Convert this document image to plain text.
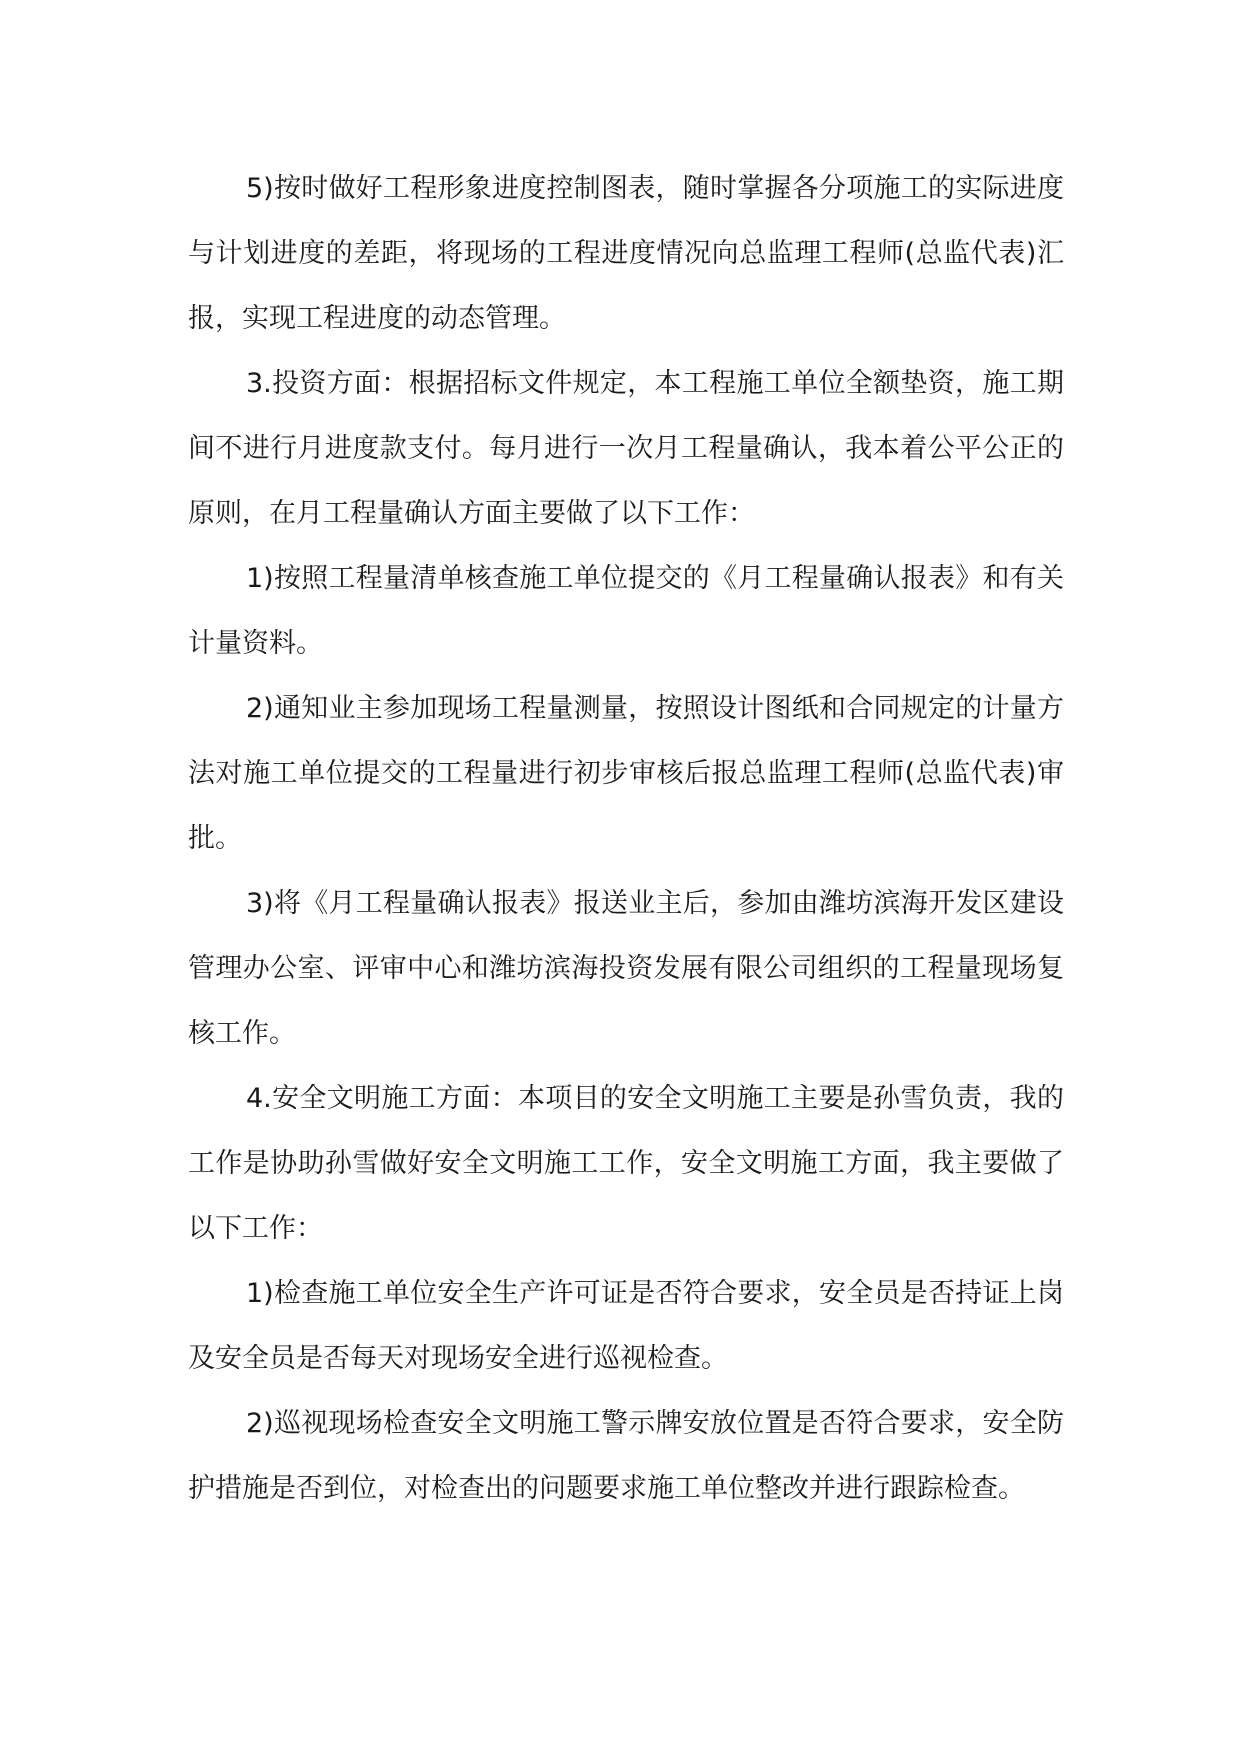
5)按时做好工程形象进度控制图表，随时掌握各分项施工的实际进度与计划进度的差距，将现场的工程进度情况向总监理工程师(总监代表)汇报，实现工程进度的动态管理。

3.投资方面：根据招标文件规定，本工程施工单位全额垫资，施工期间不进行月进度款支付。每月进行一次月工程量确认，我本着公平公正的原则，在月工程量确认方面主要做了以下工作：

1)按照工程量清单核查施工单位提交的《月工程量确认报表》和有关计量资料。

2)通知业主参加现场工程量测量，按照设计图纸和合同规定的计量方法对施工单位提交的工程量进行初步审核后报总监理工程师(总监代表)审批。

3)将《月工程量确认报表》报送业主后，参加由潍坊滨海开发区建设管理办公室、评审中心和潍坊滨海投资发展有限公司组织的工程量现场复核工作。

4.安全文明施工方面：本项目的安全文明施工主要是孙雪负责，我的工作是协助孙雪做好安全文明施工工作，安全文明施工方面，我主要做了以下工作：

1)检查施工单位安全生产许可证是否符合要求，安全员是否持证上岗及安全员是否每天对现场安全进行巡视检查。

2)巡视现场检查安全文明施工警示牌安放位置是否符合要求，安全防护措施是否到位，对检查出的问题要求施工单位整改并进行跟踪检查。
